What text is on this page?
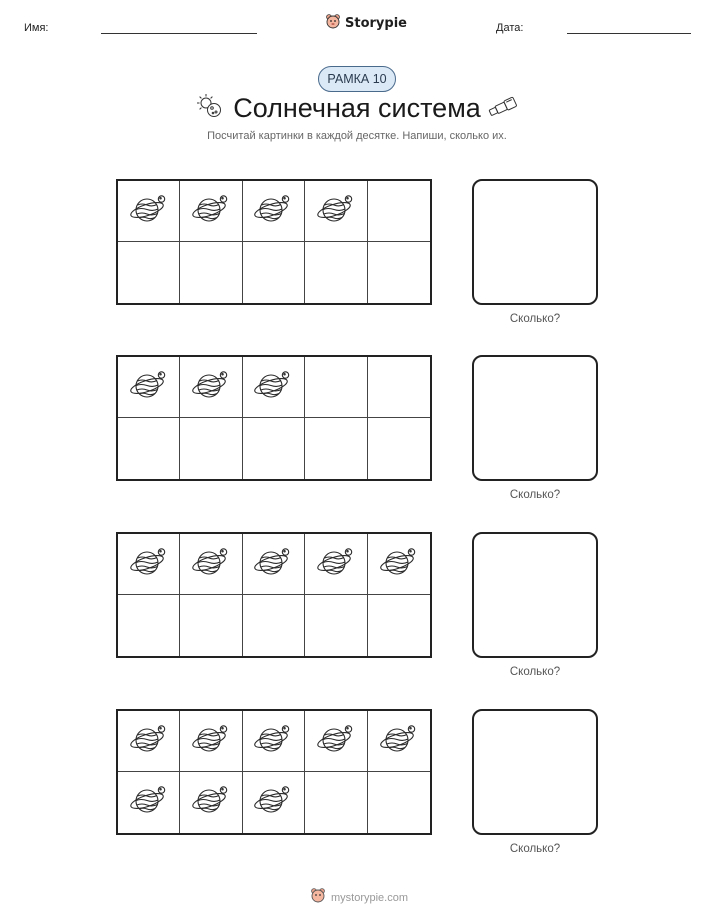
Имя:	Storypie	Дата:
РАМКА 10
Солнечная система
Посчитай картинки в каждой десятке. Напиши, сколько их.
Сколько?
Сколько?
Сколько?
Сколько?
mystorypie.com
